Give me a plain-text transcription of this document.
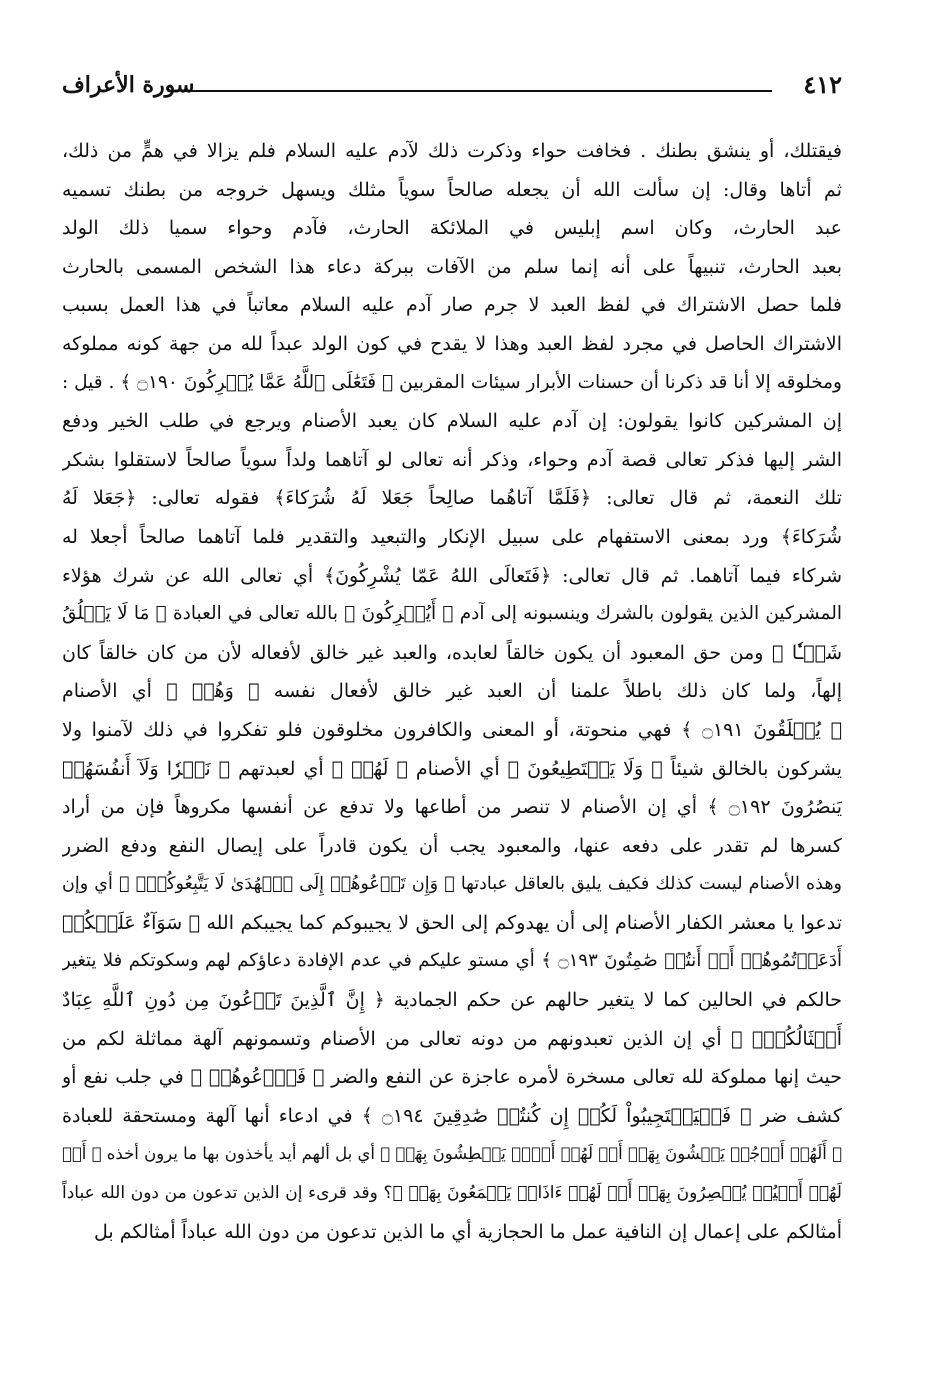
٤١٢
سورة الأعراف
فيقتلك، أو ينشق بطنك . فخافت حواء وذكرت ذلك لآدم عليه السلام فلم يزالا في همٍّ من ذلك،
ثم أتاها وقال: إن سألت الله أن يجعله صالحاً سوياً مثلك ويسهل خروجه من بطنك تسميه
عبد الحارث، وكان اسم إبليس في الملائكة الحارث، فآدم وحواء سميا ذلك الولد
بعبد الحارث، تنبيهاً على أنه إنما سلم من الآفات ببركة دعاء هذا الشخص المسمى بالحارث
فلما حصل الاشتراك في لفظ العبد لا جرم صار آدم عليه السلام معاتباً في هذا العمل بسبب
الاشتراك الحاصل في مجرد لفظ العبد وهذا لا يقدح في كون الولد عبداً لله من جهة كونه مملوكه
ومخلوقه إلا أنا قد ذكرنا أن حسنات الأبرار سيئات المقربين ﴿ فَتَعَٰلَى ٱللَّهُ عَمَّا يُشۡرِكُونَ ۝١٩٠ ﴾ . قيل :
إن المشركين كانوا يقولون: إن آدم عليه السلام كان يعبد الأصنام ويرجع في طلب الخير ودفع
الشر إليها فذكر تعالى قصة آدم وحواء، وذكر أنه تعالى لو آتاهما ولداً سوياً صالحاً لاستقلوا بشكر
تلك النعمة، ثم قال تعالى: ﴿فَلَمَّا آتاهُما صالِحاً جَعَلا لَهُ شُرَكاءَ﴾ فقوله تعالى: ﴿جَعَلا لَهُ
شُرَكاءَ﴾ ورد بمعنى الاستفهام على سبيل الإنكار والتبعيد والتقدير فلما آتاهما صالحاً أجعلا له
شركاء فيما آتاهما. ثم قال تعالى: ﴿فَتَعالَى اللهُ عَمّا يُشْرِكُونَ﴾ أي تعالى الله عن شرك هؤلاء
المشركين الذين يقولون بالشرك وينسبونه إلى آدم ﴿ أَيُشۡرِكُونَ ﴾ بالله تعالى في العبادة ﴿ مَا لَا يَخۡلُقُ
شَيۡـٔٗا ﴾ ومن حق المعبود أن يكون خالقاً لعابده، والعبد غير خالق لأفعاله لأن من كان خالقاً كان
إلهاً، ولما كان ذلك باطلاً علمنا أن العبد غير خالق لأفعال نفسه ﴿ وَهُمۡ ﴾ أي الأصنام
﴿ يُخۡلَقُونَ ۝١٩١ ﴾ فهي منحوتة، أو المعنى والكافرون مخلوقون فلو تفكروا في ذلك لآمنوا ولا
يشركون بالخالق شيئاً ﴿ وَلَا يَسۡتَطِيعُونَ ﴾ أي الأصنام ﴿ لَهُمۡ ﴾ أي لعبدتهم ﴿ نَصۡرٗا وَلَآ أَنفُسَهُمۡ
يَنصُرُونَ ۝١٩٢ ﴾ أي إن الأصنام لا تنصر من أطاعها ولا تدفع عن أنفسها مكروهاً فإن من أراد
كسرها لم تقدر على دفعه عنها، والمعبود يجب أن يكون قادراً على إيصال النفع ودفع الضرر
وهذه الأصنام ليست كذلك فكيف يليق بالعاقل عبادتها ﴿ وَإِن تَدۡعُوهُمۡ إِلَى ٱلۡهُدَىٰ لَا يَتَّبِعُوكُمۡۚ ﴾ أي وإن
تدعوا يا معشر الكفار الأصنام إلى أن يهدوكم إلى الحق لا يجيبوكم كما يجيبكم الله ﴿ سَوَآءٌ عَلَيۡكُمۡ
أَدَعَوۡتُمُوهُمۡ أَمۡ أَنتُمۡ صَٰمِتُونَ ۝١٩٣ ﴾ أي مستو عليكم في عدم الإفادة دعاؤكم لهم وسكوتكم فلا يتغير
حالكم في الحالين كما لا يتغير حالهم عن حكم الجمادية ﴿ إِنَّ ٱلَّذِينَ تَدۡعُونَ مِن دُونِ ٱللَّهِ عِبَادٌ
أَمۡثَالُكُمۡۖ ﴾ أي إن الذين تعبدونهم من دونه تعالى من الأصنام وتسمونهم آلهة مماثلة لكم من
حيث إنها مملوكة لله تعالى مسخرة لأمره عاجزة عن النفع والضر ﴿ فَٱدۡعُوهُمۡ ﴾ في جلب نفع أو
كشف ضر ﴿ فَلۡيَسۡتَجِيبُواْ لَكُمۡ إِن كُنتُمۡ صَٰدِقِينَ ۝١٩٤ ﴾ في ادعاء أنها آلهة ومستحقة للعبادة
﴿ أَلَهُمۡ أَرۡجُلٞ يَمۡشُونَ بِهَآۖ أَمۡ لَهُمۡ أَيۡدٖ يَبۡطِشُونَ بِهَآۖ ﴾ أي بل ألهم أيد يأخذون بها ما يرون أخذه ﴿ أَمۡ
لَهُمۡ أَعۡيُنٞ يُبۡصِرُونَ بِهَآۖ أَمۡ لَهُمۡ ءَاذَانٞ يَسۡمَعُونَ بِهَاۗ ﴾؟ وقد قرىء إن الذين تدعون من دون الله عباداً
أمثالكم على إعمال إن النافية عمل ما الحجازية أي ما الذين تدعون من دون الله عباداً أمثالكم بل
